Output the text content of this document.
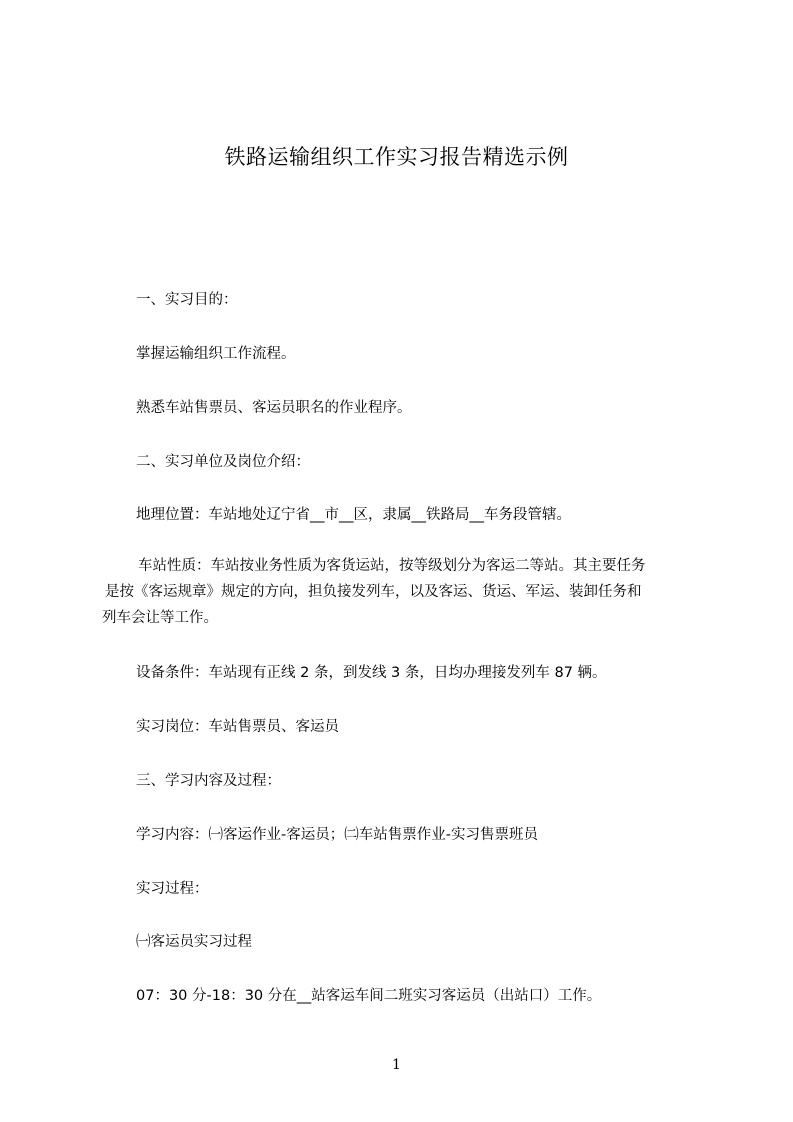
铁路运输组织工作实习报告精选示例
一、实习目的：
掌握运输组织工作流程。
熟悉车站售票员、客运员职名的作业程序。
二、实习单位及岗位介绍：
地理位置：车站地处辽宁省__市__区，隶属__铁路局__车务段管辖。
车站性质：车站按业务性质为客货运站，按等级划分为客运二等站。其主要任务
是按《客运规章》规定的方向，担负接发列车，以及客运、货运、军运、装卸任务和
列车会让等工作。
设备条件：车站现有正线 2 条，到发线 3 条，日均办理接发列车 87 辆。
实习岗位：车站售票员、客运员
三、学习内容及过程：
学习内容：㈠客运作业-客运员；㈡车站售票作业-实习售票班员
实习过程：
㈠客运员实习过程
07：30 分-18：30 分在__站客运车间二班实习客运员（出站口）工作。
1
